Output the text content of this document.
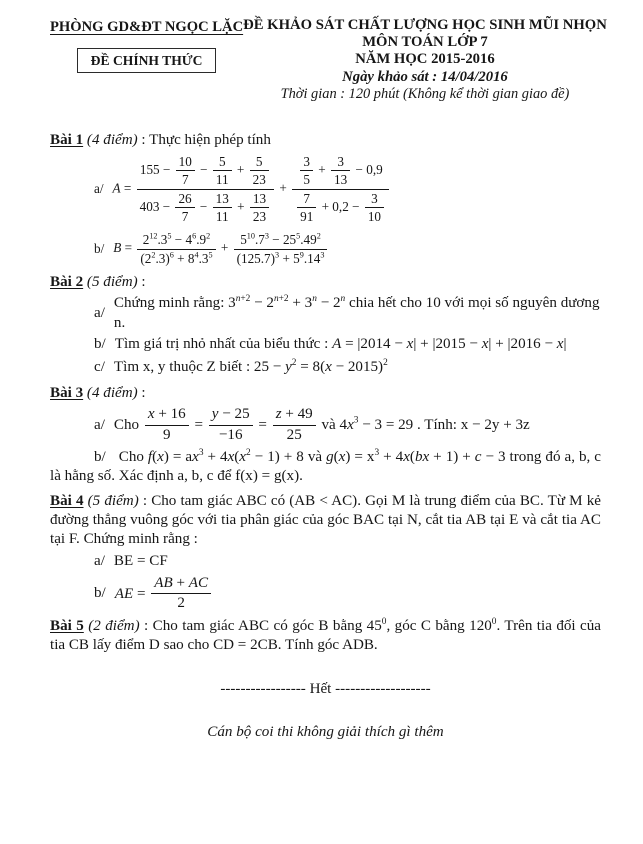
PHÒNG GD&ĐT NGỌC LẶC
ĐỀ CHÍNH THỨC
ĐỀ KHẢO SÁT CHẤT LƯỢNG HỌC SINH MŨI NHỌN
MÔN TOÁN LỚP 7
NĂM HỌC 2015-2016
Ngày khảo sát : 14/04/2016
Thời gian : 120 phút (Không kể thời gian giao đề)

Bài 1 (4 điểm) : Thực hiện phép tính

a/ $A = \frac{155 - \frac{10}{7} - \frac{5}{11} + \frac{5}{23}}{403 - \frac{26}{7} - \frac{13}{11} + \frac{13}{23}} + \frac{\frac{3}{5} + \frac{3}{13} - 0,9}{\frac{7}{91} + 0,2 - \frac{3}{10}}$
b/ $B = \frac{2^{12}.3^5 - 4^6.9^2}{(2^2.3)^6 + 8^4.3^5} + \frac{5^{10}.7^3 - 25^5.49^2}{(125.7)^3 + 5^9.14^3}$

Bài 2 (5 điểm) :

a/
Chứng minh rằng: $3^{n+2} - 2^{n+2} + 3^n - 2^n$ chia hết cho 10 với mọi số nguyên dương n.
b/ Tìm giá trị nhỏ nhất của biểu thức : A = |2014 − x| + |2015 − x| + |2016 − x|
c/ Tìm x, y thuộc Z biết : $25 - y^2 = 8(x - 2015)^2$

Bài 3 (4 điểm) :

a/ Cho $\frac{x + 16}{9} = \frac{y - 25}{-16} = \frac{z + 49}{25}$ và $4x^3 - 3 = 29$ . Tính: x − 2y + 3z

b/ Cho $f(x) = ax^3 + 4x(x^2 - 1) + 8$ và $g(x) = x^3 + 4x(bx + 1) + c - 3$ trong đó a, b, c là hằng số. Xác định a, b, c để f(x) = g(x).

Bài 4 (5 điểm) : Cho tam giác ABC có (AB < AC). Gọi M là trung điểm của BC. Từ M kẻ đường thẳng vuông góc với tia phân giác của góc BAC tại N, cắt tia AB tại E và cắt tia AC tại F. Chứng minh rằng :

a/ BE = CF
b/ AE = $\frac{AB + AC}{2}$

Bài 5 (2 điểm) : Cho tam giác ABC có góc B bằng $45^0$, góc C bằng $120^0$. Trên tia đối của tia CB lấy điểm D sao cho CD = 2CB. Tính góc ADB.

----------------- Hết -------------------

Cán bộ coi thi không giải thích gì thêm
